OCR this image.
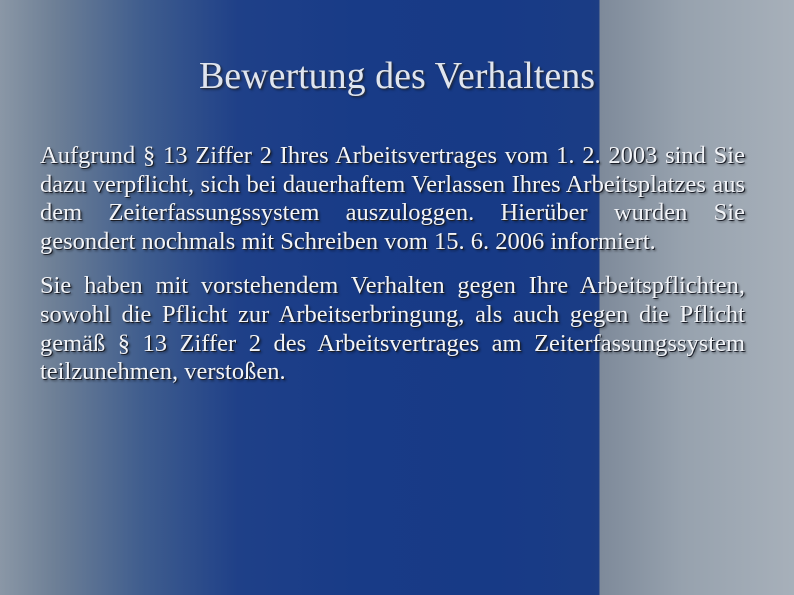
Bewertung des Verhaltens

Aufgrund § 13 Ziffer 2 Ihres Arbeitsvertrages vom 1. 2. 2003 sind Sie dazu verpflicht, sich bei dauerhaftem Verlassen Ihres Arbeitsplatzes aus dem Zeiterfassungssystem auszuloggen. Hierüber wurden Sie gesondert nochmals mit Schreiben vom 15. 6. 2006 informiert.

Sie haben mit vorstehendem Verhalten gegen Ihre Arbeitspflichten, sowohl die Pflicht zur Arbeitserbringung, als auch gegen die Pflicht gemäß § 13 Ziffer 2 des Arbeitsvertrages am Zeiterfassungssystem teilzunehmen, verstoßen.
